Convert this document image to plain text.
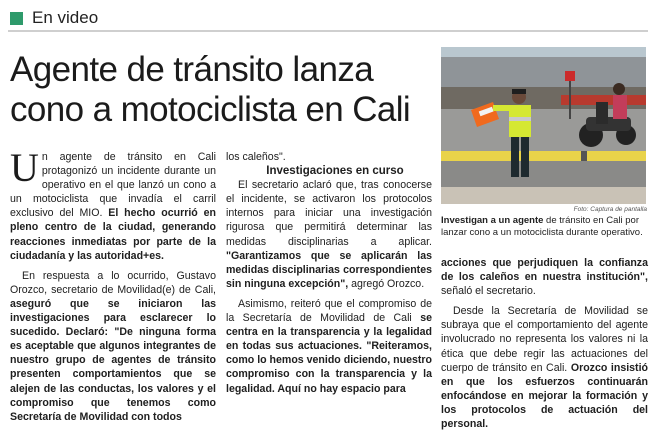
En video
Agente de tránsito lanza cono a motociclista en Cali
Foto: Captura de pantalla
Investigan a un agente de tránsito en Cali por lanzar cono a un motociclista durante operativo.

Un agente de tránsito en Cali protagonizó un incidente durante un operativo en el que lanzó un cono a un motociclista que invadía el carril exclusivo del MIO. El hecho ocurrió en pleno centro de la ciudad, generando reacciones inmediatas por parte de la ciudadanía y las autoridad+es.

En respuesta a lo ocurrido, Gustavo Orozco, secretario de Movilidad(e) de Cali, aseguró que se iniciaron las investigaciones para esclarecer lo sucedido. Declaró: "De ninguna forma es aceptable que algunos integrantes de nuestro grupo de agentes de tránsito presenten comportamientos que se alejen de las conductas, los valores y el compromiso que tenemos como Secretaría de Movilidad con todos

los caleños".

Investigaciones en curso

El secretario aclaró que, tras conocerse el incidente, se activaron los protocolos internos para iniciar una investigación rigurosa que permitirá determinar las medidas disciplinarias a aplicar. "Garantizamos que se aplicarán las medidas disciplinarias correspondientes sin ninguna excepción", agregó Orozco.

Asimismo, reiteró que el compromiso de la Secretaría de Movilidad de Cali se centra en la transparencia y la legalidad en todas sus actuaciones. "Reiteramos, como lo hemos venido diciendo, nuestro compromiso con la transparencia y la legalidad. Aquí no hay espacio para

acciones que perjudiquen la confianza de los caleños en nuestra institución", señaló el secretario.

Desde la Secretaría de Movilidad se subraya que el comportamiento del agente involucrado no representa los valores ni la ética que debe regir las actuaciones del cuerpo de tránsito en Cali. Orozco insistió en que los esfuerzos continuarán enfocándose en mejorar la formación y los protocolos de actuación del personal.
